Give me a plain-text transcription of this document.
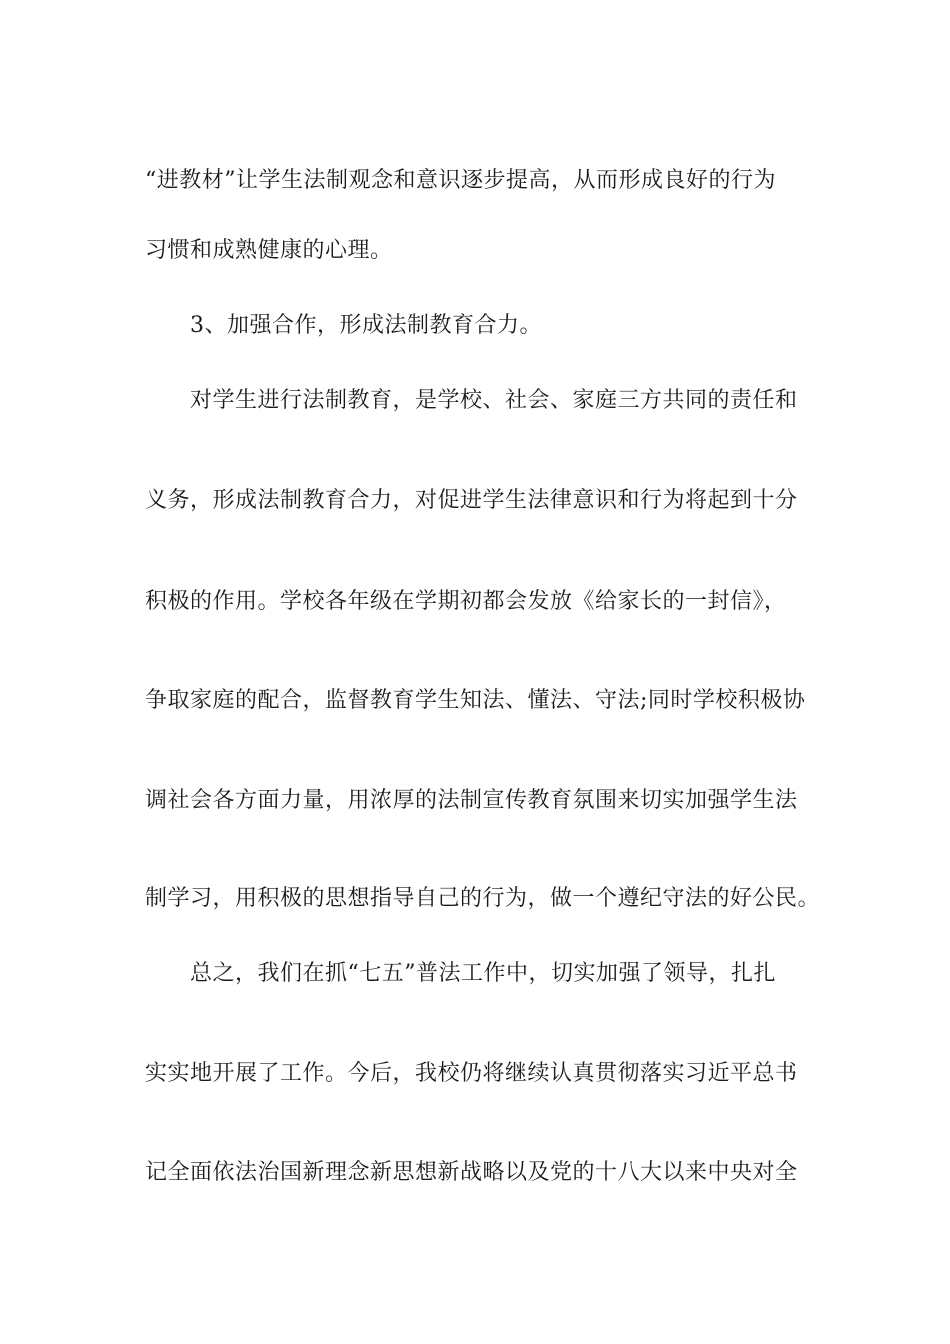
“进教材”让学生法制观念和意识逐步提高，从而形成良好的行为
习惯和成熟健康的心理。
3、加强合作，形成法制教育合力。
对学生进行法制教育，是学校、社会、家庭三方共同的责任和
义务，形成法制教育合力，对促进学生法律意识和行为将起到十分
积极的作用。学校各年级在学期初都会发放《给家长的一封信》，
争取家庭的配合，监督教育学生知法、懂法、守法;同时学校积极协
调社会各方面力量，用浓厚的法制宣传教育氛围来切实加强学生法
制学习，用积极的思想指导自己的行为，做一个遵纪守法的好公民。
总之，我们在抓“七五”普法工作中，切实加强了领导，扎扎
实实地开展了工作。今后，我校仍将继续认真贯彻落实习近平总书
记全面依法治国新理念新思想新战略以及党的十八大以来中央对全
